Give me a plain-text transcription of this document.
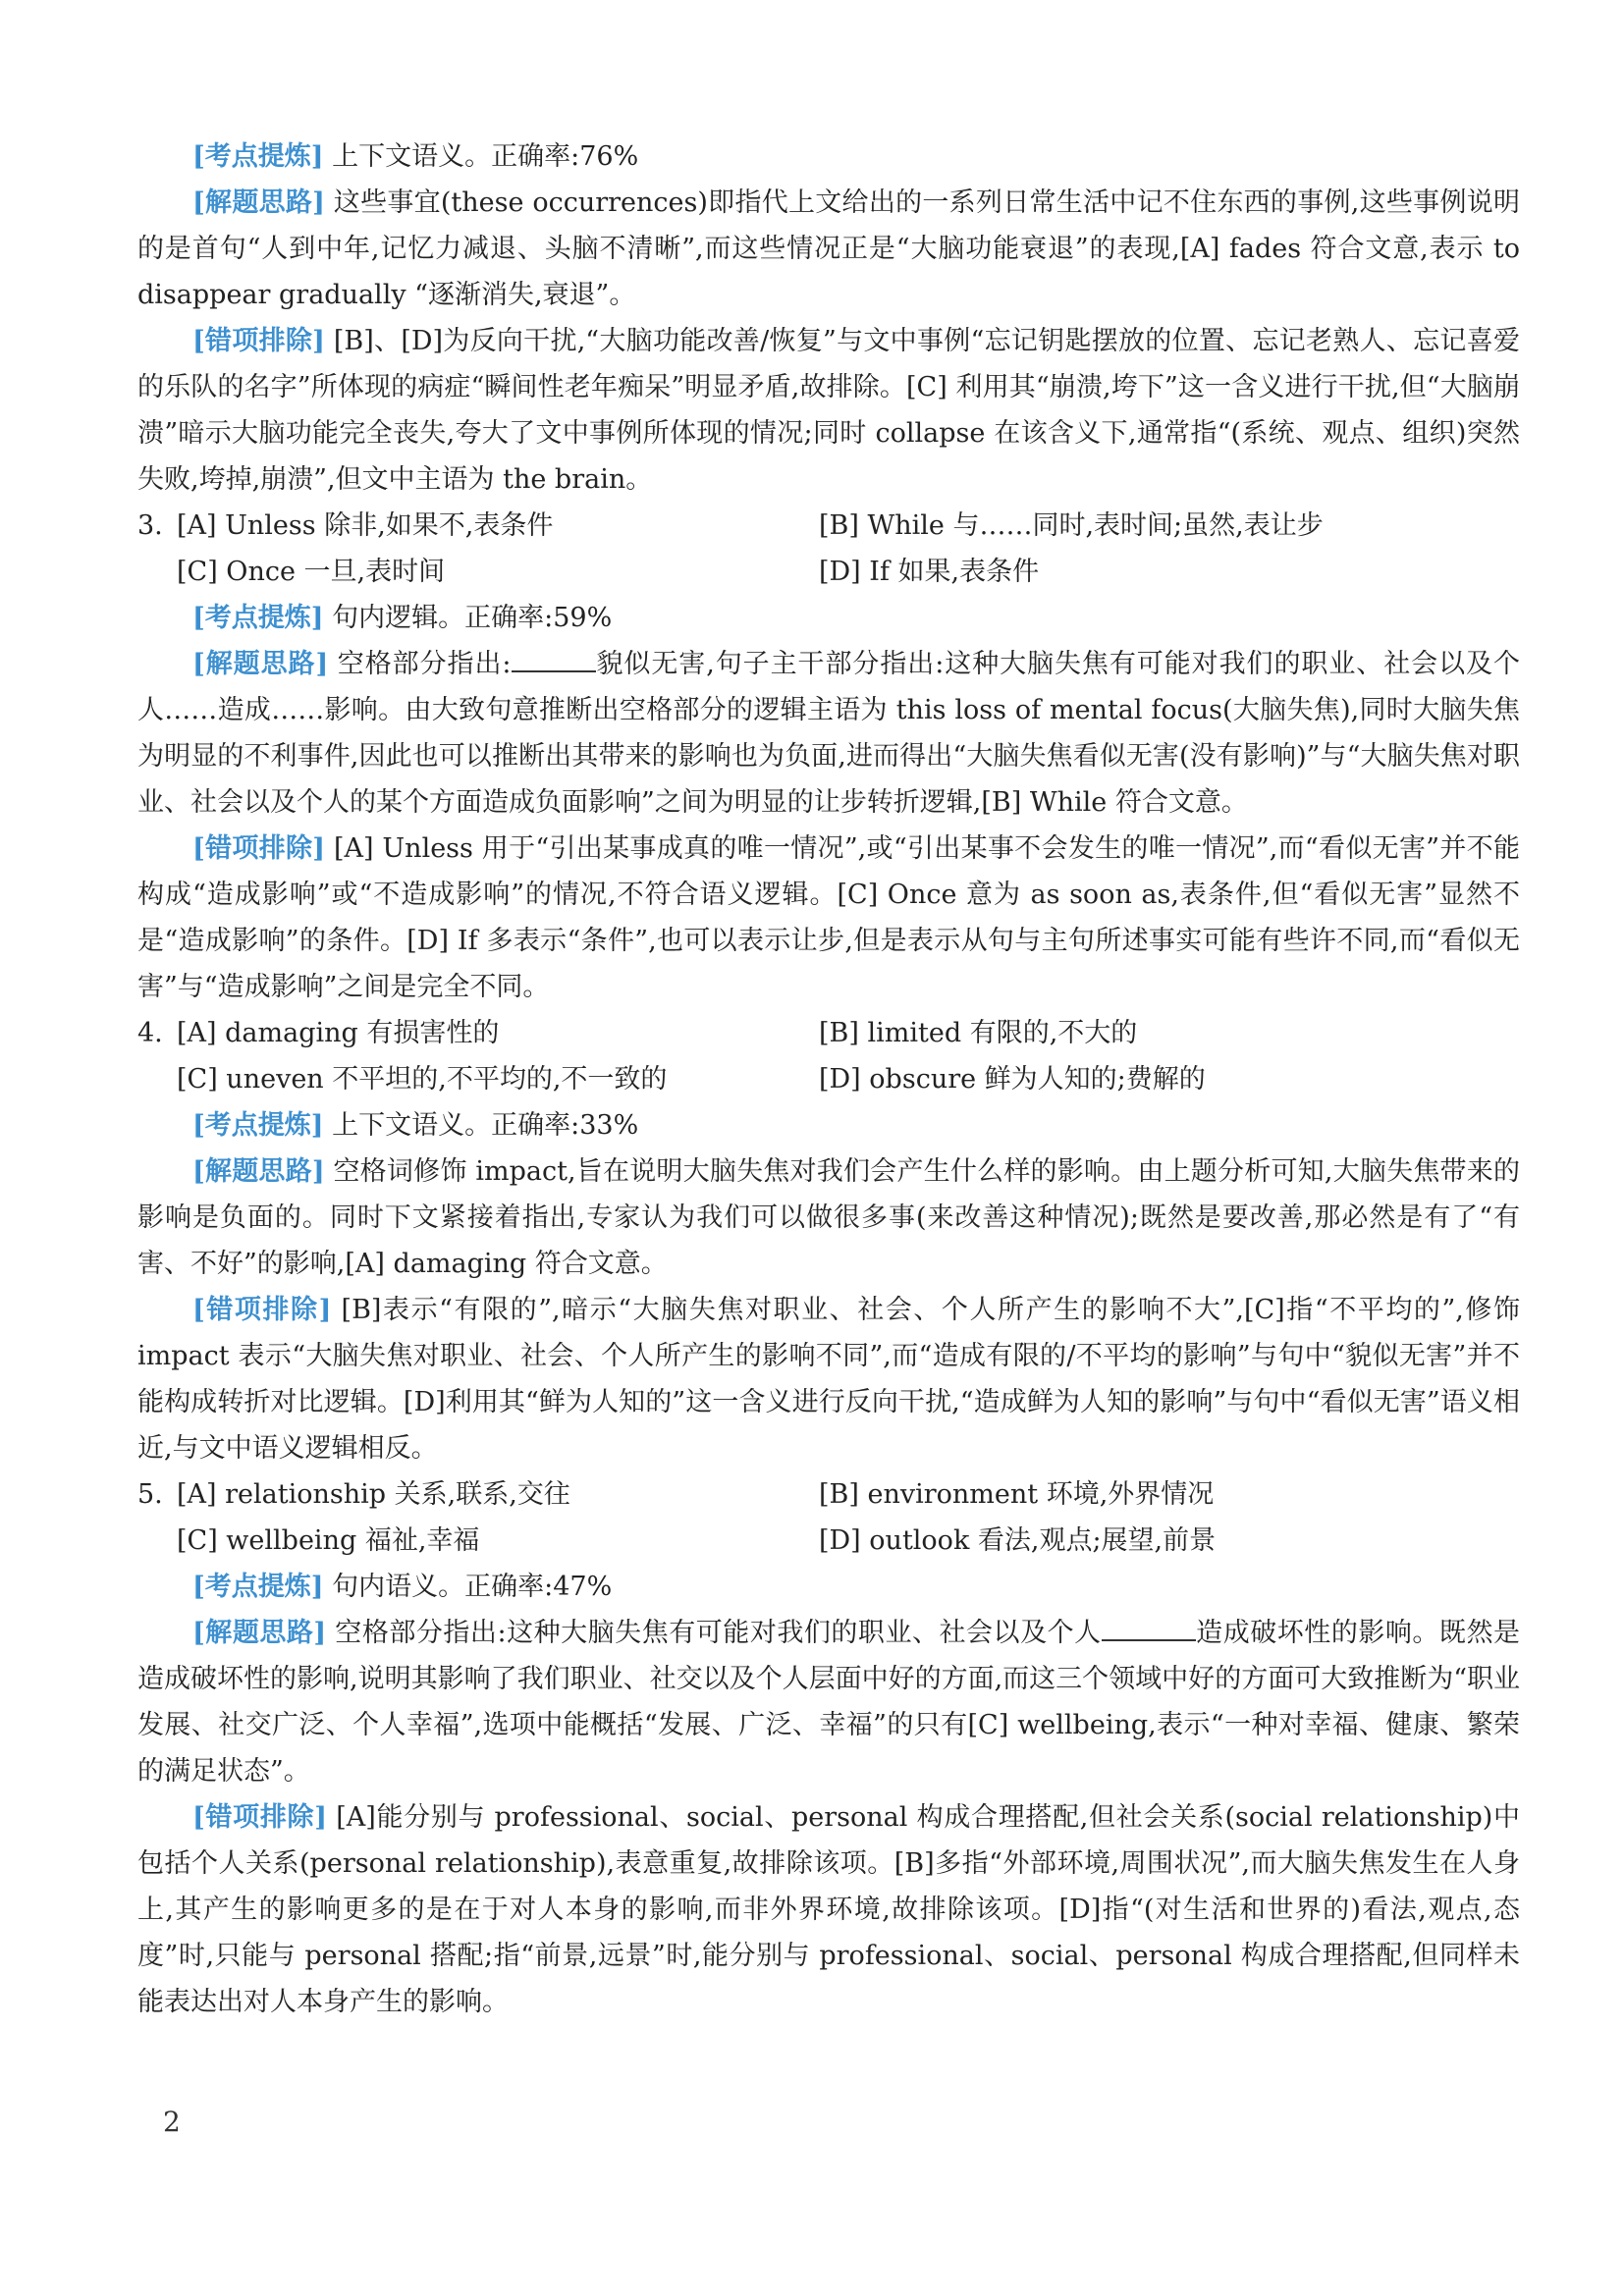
[考点提炼] 上下文语义。正确率:76%

[解题思路] 这些事宜(these occurrences)即指代上文给出的一系列日常生活中记不住东西的事例,这些事例说明的是首句“人到中年,记忆力减退、头脑不清晰”,而这些情况正是“大脑功能衰退”的表现,[A] fades 符合文意,表示 to disappear gradually “逐渐消失,衰退”。

[错项排除] [B]、[D]为反向干扰,“大脑功能改善/恢复”与文中事例“忘记钥匙摆放的位置、忘记老熟人、忘记喜爱的乐队的名字”所体现的病症“瞬间性老年痴呆”明显矛盾,故排除。[C] 利用其“崩溃,垮下”这一含义进行干扰,但“大脑崩溃”暗示大脑功能完全丧失,夸大了文中事例所体现的情况;同时 collapse 在该含义下,通常指“(系统、观点、组织)突然失败,垮掉,崩溃”,但文中主语为 the brain。

3. [A] Unless 除非,如果不,表条件	[B] While 与……同时,表时间;虽然,表让步
[C] Once 一旦,表时间	[D] If 如果,表条件

[考点提炼] 句内逻辑。正确率:59%

[解题思路] 空格部分指出:	貌似无害,句子主干部分指出:这种大脑失焦有可能对我们的职业、社会以及个人……造成……影响。由大致句意推断出空格部分的逻辑主语为 this loss of mental focus(大脑失焦),同时大脑失焦为明显的不利事件,因此也可以推断出其带来的影响也为负面,进而得出“大脑失焦看似无害(没有影响)”与“大脑失焦对职业、社会以及个人的某个方面造成负面影响”之间为明显的让步转折逻辑,[B] While 符合文意。

[错项排除] [A] Unless 用于“引出某事成真的唯一情况”,或“引出某事不会发生的唯一情况”,而“看似无害”并不能构成“造成影响”或“不造成影响”的情况,不符合语义逻辑。[C] Once 意为 as soon as,表条件,但“看似无害”显然不是“造成影响”的条件。[D] If 多表示“条件”,也可以表示让步,但是表示从句与主句所述事实可能有些许不同,而“看似无害”与“造成影响”之间是完全不同。

4. [A] damaging 有损害性的	[B] limited 有限的,不大的
[C] uneven 不平坦的,不平均的,不一致的	[D] obscure 鲜为人知的;费解的

[考点提炼] 上下文语义。正确率:33%

[解题思路] 空格词修饰 impact,旨在说明大脑失焦对我们会产生什么样的影响。由上题分析可知,大脑失焦带来的影响是负面的。同时下文紧接着指出,专家认为我们可以做很多事(来改善这种情况);既然是要改善,那必然是有了“有害、不好”的影响,[A] damaging 符合文意。

[错项排除] [B]表示“有限的”,暗示“大脑失焦对职业、社会、个人所产生的影响不大”,[C]指“不平均的”,修饰 impact 表示“大脑失焦对职业、社会、个人所产生的影响不同”,而“造成有限的/不平均的影响”与句中“貌似无害”并不能构成转折对比逻辑。[D]利用其“鲜为人知的”这一含义进行反向干扰,“造成鲜为人知的影响”与句中“看似无害”语义相近,与文中语义逻辑相反。

5. [A] relationship 关系,联系,交往	[B] environment 环境,外界情况
[C] wellbeing 福祉,幸福	[D] outlook 看法,观点;展望,前景

[考点提炼] 句内语义。正确率:47%

[解题思路] 空格部分指出:这种大脑失焦有可能对我们的职业、社会以及个人	造成破坏性的影响。既然是造成破坏性的影响,说明其影响了我们职业、社交以及个人层面中好的方面,而这三个领域中好的方面可大致推断为“职业发展、社交广泛、个人幸福”,选项中能概括“发展、广泛、幸福”的只有[C] wellbeing,表示“一种对幸福、健康、繁荣的满足状态”。

[错项排除] [A]能分别与 professional、social、personal 构成合理搭配,但社会关系(social relationship)中包括个人关系(personal relationship),表意重复,故排除该项。[B]多指“外部环境,周围状况”,而大脑失焦发生在人身上,其产生的影响更多的是在于对人本身的影响,而非外界环境,故排除该项。[D]指“(对生活和世界的)看法,观点,态度”时,只能与 personal 搭配;指“前景,远景”时,能分别与 professional、social、personal 构成合理搭配,但同样未能表达出对人本身产生的影响。

2
